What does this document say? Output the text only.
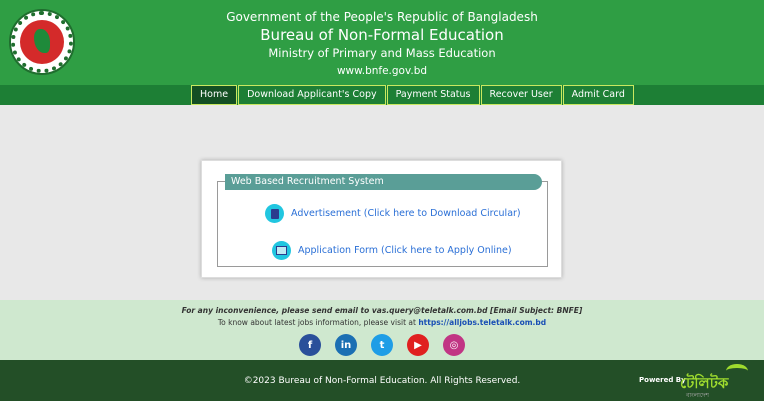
Government of the People's Republic of Bangladesh
Bureau of Non-Formal Education
Ministry of Primary and Mass Education
www.bnfe.gov.bd
Home	Download Applicant's Copy	Payment Status	Recover User	Admit Card
Web Based Recruitment System
Advertisement (Click here to Download Circular)
Application Form (Click here to Apply Online)
For any inconvenience, please send email to vas.query@teletalk.com.bd [Email Subject: BNFE]
To know about latest jobs information, please visit at https://alljobs.teletalk.com.bd
f	in	t	▶	◎
©2023 Bureau of Non-Formal Education. All Rights Reserved.	Powered By
টেলিটক
বাংলাদেশ
